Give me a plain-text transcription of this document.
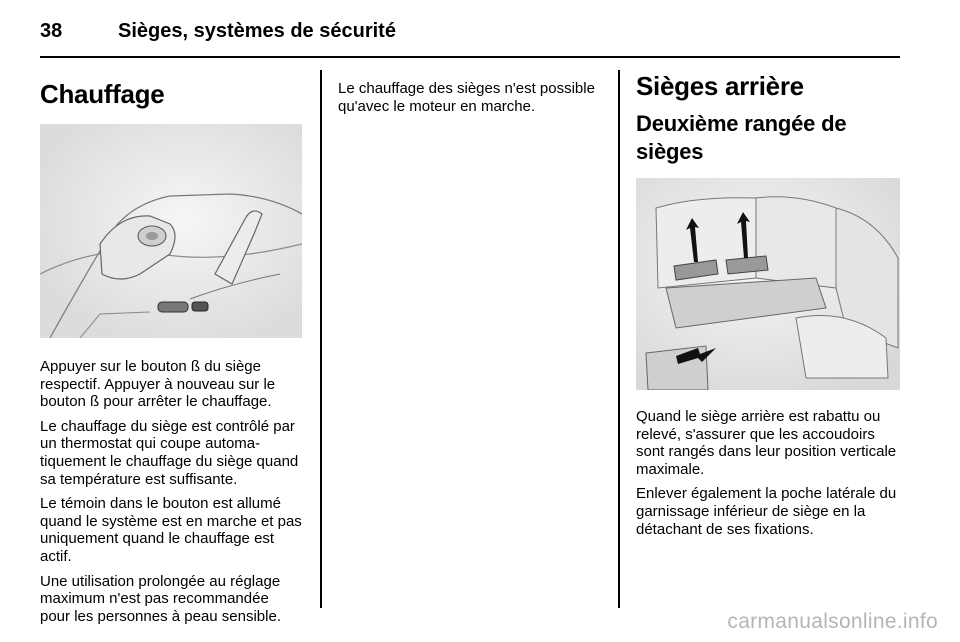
38	Sièges, systèmes de sécurité
Chauffage

Appuyer sur le bouton ß du siège respectif. Appuyer à nouveau sur le bouton ß pour arrêter le chauffage.

Le chauffage du siège est contrôlé par un thermostat qui coupe automatiquement le chauffage du siège quand sa température est suffisante.

Le témoin dans le bouton est allumé quand le système est en marche et pas uniquement quand le chauffage est actif.

Une utilisation prolongée au réglage maximum n'est pas recommandée pour les personnes à peau sensible.

Le chauffage des sièges n'est possible qu'avec le moteur en marche.

Sièges arrière
Deuxième rangée de sièges

Quand le siège arrière est rabattu ou relevé, s'assurer que les accoudoirs sont rangés dans leur position verticale maximale.

Enlever également la poche latérale du garnissage inférieur de siège en la détachant de ses fixations.

carmanualsonline.info
